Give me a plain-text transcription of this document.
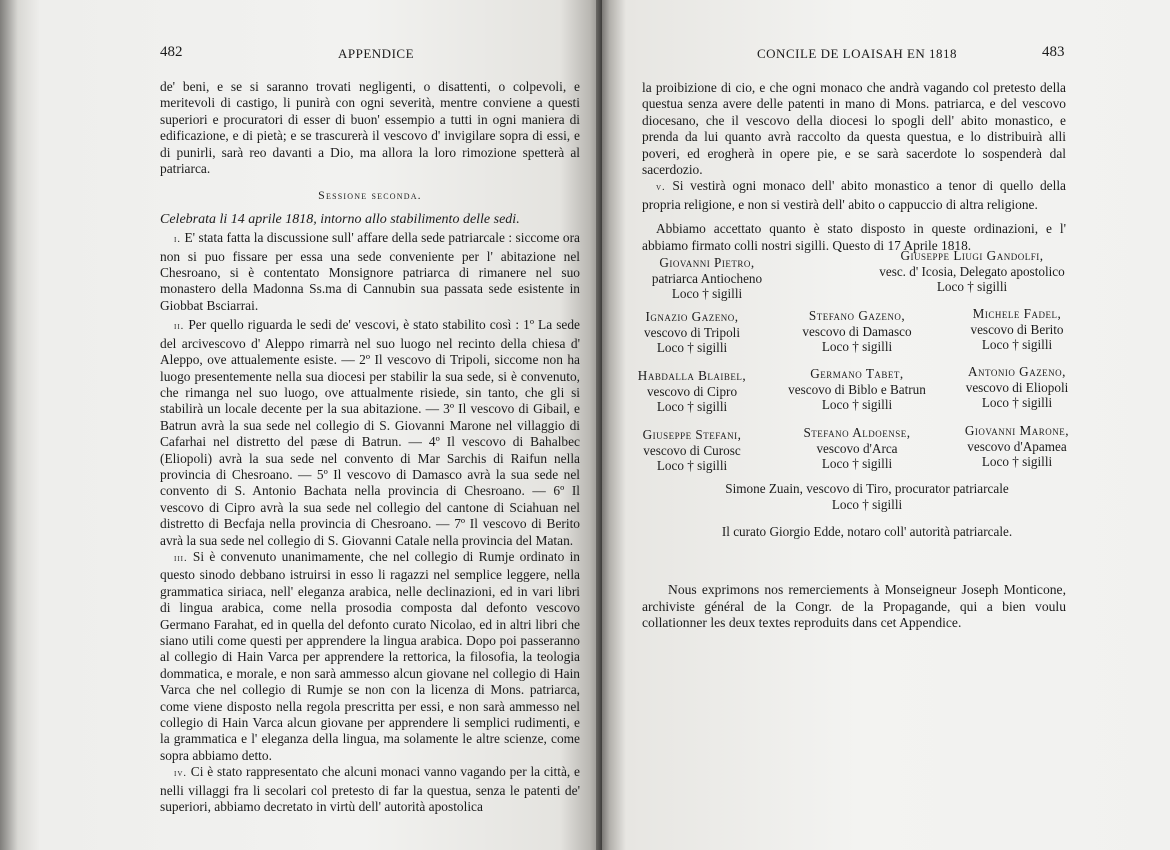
482	APPENDICE

de' beni, e se si saranno trovati negligenti, o disattenti, o colpevoli, e meritevoli di castigo, li punirà con ogni severità, mentre conviene a questi superiori e procuratori di esser di buon' essempio a tutti in ogni maniera di edificazione, e di pietà; e se trascurerà il vescovo d' invigilare sopra di essi, e di punirli, sarà reo davanti a Dio, ma allora la loro rimozione spetterà al patriarca.

Sessione seconda.
Celebrata li 14 aprile 1818, intorno allo stabilimento delle sedi.

i. E' stata fatta la discussione sull' affare della sede patriarcale : siccome ora non si puo fissare per essa una sede conveniente per l' abitazione nel Chesroano, si è contentato Monsignore patriarca di rimanere nel suo monastero della Madonna Ss.ma di Cannubin sua passata sede esistente in Giobbat Bsciarrai.

ii. Per quello riguarda le sedi de' vescovi, è stato stabilito così : 1º La sede del arcivescovo d' Aleppo rimarrà nel suo luogo nel recinto della chiesa d' Aleppo, ove attualemente esiste. — 2º Il vescovo di Tripoli, siccome non ha luogo presentemente nella sua diocesi per stabilir la sua sede, si è convenuto, che rimanga nel suo luogo, ove attualmente risiede, sin tanto, che gli si stabilirà un locale decente per la sua abitazione. — 3º Il vescovo di Gibail, e Batrun avrà la sua sede nel collegio di S. Giovanni Marone nel villaggio di Cafarhai nel distretto del pæse di Batrun. — 4º Il vescovo di Bahalbec (Eliopoli) avrà la sua sede nel convento di Mar Sarchis di Raifun nella provincia di Chesroano. — 5º Il vescovo di Damasco avrà la sua sede nel convento di S. Antonio Bachata nella provincia di Chesroano. — 6º Il vescovo di Cipro avrà la sua sede nel collegio del cantone di Sciahuan nel distretto di Becfaja nella provincia di Chesroano. — 7º Il vescovo di Berito avrà la sua sede nel collegio di S. Giovanni Catale nella provincia del Matan.

iii. Si è convenuto unanimamente, che nel collegio di Rumje ordinato in questo sinodo debbano istruirsi in esso li ragazzi nel semplice leggere, nella grammatica siriaca, nell' eleganza arabica, nelle declinazioni, ed in vari libri di lingua arabica, come nella prosodia composta dal defonto vescovo Germano Farahat, ed in quella del defonto curato Nicolao, ed in altri libri che siano utili come questi per apprendere la lingua arabica. Dopo poi passeranno al collegio di Hain Varca per apprendere la rettorica, la filosofia, la teologia dommatica, e morale, e non sarà ammesso alcun giovane nel collegio di Hain Varca che nel collegio di Rumje se non con la licenza di Mons. patriarca, come viene disposto nella regola prescritta per essi, e non sarà ammesso nel collegio di Hain Varca alcun giovane per apprendere li semplici rudimenti, e la grammatica e l' eleganza della lingua, ma solamente le altre scienze, come sopra abbiamo detto.

iv. Ci è stato rappresentato che alcuni monaci vanno vagando per la città, e nelli villaggi fra li secolari col pretesto di far la questua, senza le patenti de' superiori, abbiamo decretato in virtù dell' autorità apostolica

CONCILE DE LOAISAH EN 1818	483

la proibizione di cio, e che ogni monaco che andrà vagando col pretesto della questua senza avere delle patenti in mano di Mons. patriarca, e del vescovo diocesano, che il vescovo della diocesi lo spogli dell' abito monastico, e prenda da lui quanto avrà raccolto da questa questua, e lo distribuirà alli poveri, ed erogherà in opere pie, e se sarà sacerdote lo sospenderà dal sacerdozio.

v. Si vestirà ogni monaco dell' abito monastico a tenor di quello della propria religione, e non si vestirà dell' abito o cappuccio di altra religione.

Abbiamo accettato quanto è stato disposto in queste ordinazioni, e l' abbiamo firmato colli nostri sigilli. Questo di 17 Aprile 1818.

Giovanni Pietro,
patriarca Antiocheno
Loco † sigilli
Giuseppe Liugi Gandolfi,
vesc. d' Icosia, Delegato apostolico
Loco † sigilli
Ignazio Gazeno,
vescovo di Tripoli
Loco † sigilli
Stefano Gazeno,
vescovo di Damasco
Loco † sigilli
Michele Fadel,
vescovo di Berito
Loco † sigilli
Habdalla Blaibel,
vescovo di Cipro
Loco † sigilli
Germano Tabet,
vescovo di Biblo e Batrun
Loco † sigilli
Antonio Gazeno,
vescovo di Eliopoli
Loco † sigilli
Giuseppe Stefani,
vescovo di Curosc
Loco † sigilli
Stefano Aldoense,
vescovo d'Arca
Loco † sigilli
Giovanni Marone,
vescovo d'Apamea
Loco † sigilli
Simone Zuain, vescovo di Tiro, procurator patriarcale
Loco † sigilli
Il curato Giorgio Edde, notaro coll' autorità patriarcale.

Nous exprimons nos remerciements à Monseigneur Joseph Monticone, archiviste général de la Congr. de la Propagande, qui a bien voulu collationner les deux textes reproduits dans cet Appendice.
